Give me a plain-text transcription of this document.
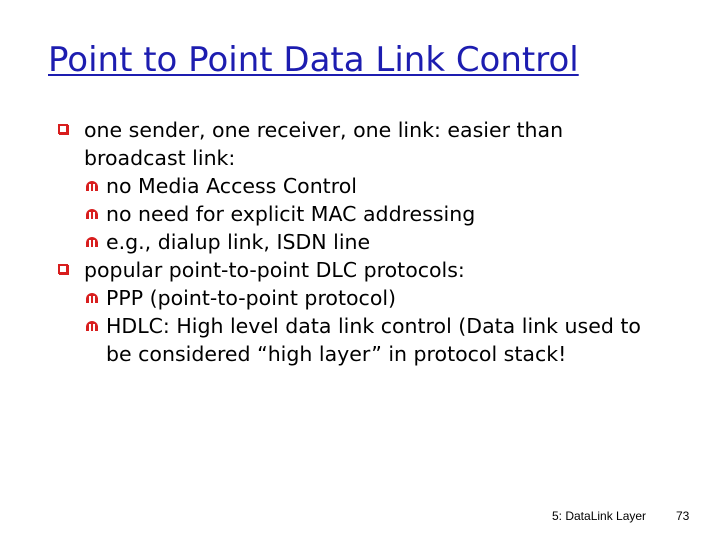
Point to Point Data Link Control
one sender, one receiver, one link: easier than broadcast link:
no Media Access Control
no need for explicit MAC addressing
e.g., dialup link, ISDN line
popular point-to-point DLC protocols:
PPP (point-to-point protocol)
HDLC: High level data link control (Data link used to be considered “high layer” in protocol stack!
5: DataLink Layer 73
